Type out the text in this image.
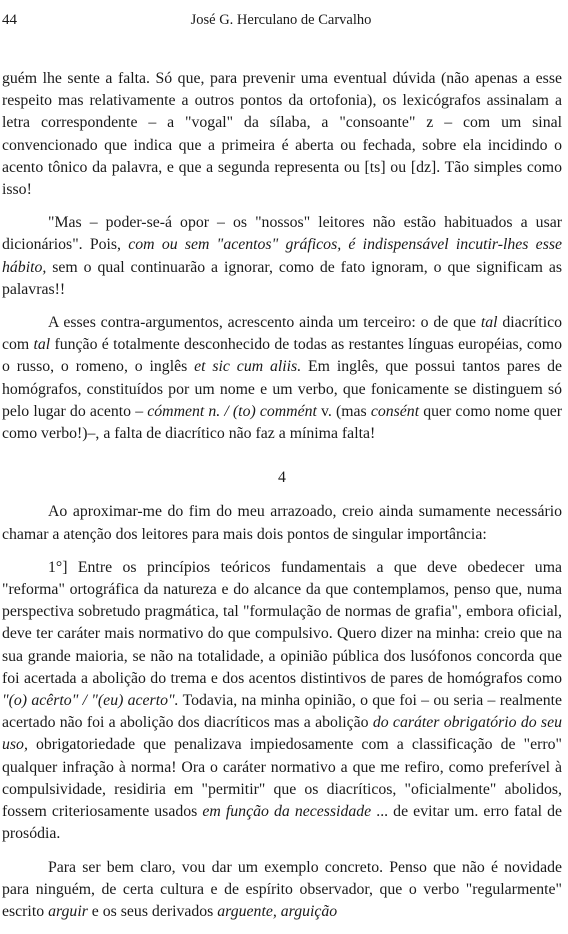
44	José G. Herculano de Carvalho

guém lhe sente a falta. Só que, para prevenir uma eventual dúvida (não apenas a esse respeito mas relativamente a outros pontos da ortofonia), os lexicógrafos assinalam a letra correspondente – a "vogal" da sílaba, a "consoante" z – com um sinal convencionado que indica que a primeira é aberta ou fechada, sobre ela incidindo o acento tônico da palavra, e que a segunda representa ou [ts] ou [dz]. Tão simples como isso!

"Mas – poder-se-á opor – os "nossos" leitores não estão habituados a usar dicionários". Pois, com ou sem "acentos" gráficos, é indispensável incutir-lhes esse hábito, sem o qual continuarão a ignorar, como de fato ignoram, o que significam as palavras!!

A esses contra-argumentos, acrescento ainda um terceiro: o de que tal diacrítico com tal função é totalmente desconhecido de todas as restantes línguas européias, como o russo, o romeno, o inglês et sic cum aliis. Em inglês, que possui tantos pares de homógrafos, constituídos por um nome e um verbo, que fonicamente se distinguem só pelo lugar do acento – cómment n. / (to) commént v. (mas consént quer como nome quer como verbo!)–, a falta de diacrítico não faz a mínima falta!

4

Ao aproximar-me do fim do meu arrazoado, creio ainda sumamente necessário chamar a atenção dos leitores para mais dois pontos de singular importância:

1°] Entre os princípios teóricos fundamentais a que deve obedecer uma "reforma" ortográfica da natureza e do alcance da que contemplamos, penso que, numa perspectiva sobretudo pragmática, tal "formulação de normas de grafia", embora oficial, deve ter caráter mais normativo do que compulsivo. Quero dizer na minha: creio que na sua grande maioria, se não na totalidade, a opinião pública dos lusófonos concorda que foi acertada a abolição do trema e dos acentos distintivos de pares de homógrafos como "(o) acêrto" / "(eu) acerto". Todavia, na minha opinião, o que foi – ou seria – realmente acertado não foi a abolição dos diacríticos mas a abolição do caráter obrigatório do seu uso, obrigatoriedade que penalizava impiedosamente com a classificação de "erro" qualquer infração à norma! Ora o caráter normativo a que me refiro, como preferível à compulsividade, residiria em "permitir" que os diacríticos, "oficialmente" abolidos, fossem criteriosamente usados em função da necessidade ... de evitar um. erro fatal de prosódia.

Para ser bem claro, vou dar um exemplo concreto. Penso que não é novidade para ninguém, de certa cultura e de espírito observador, que o verbo "regularmente" escrito arguir e os seus derivados arguente, arguição
